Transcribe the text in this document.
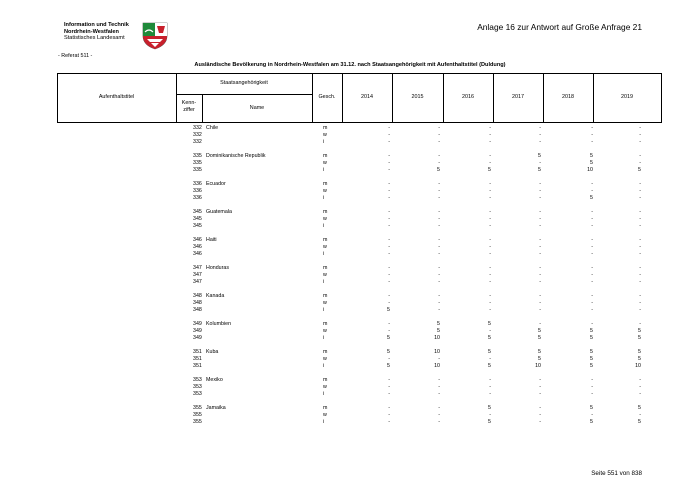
Information und Technik
Nordrhein-Westfalen
Statistisches Landesamt
Anlage 16 zur Antwort auf Große Anfrage 21
- Referat 511 -
Ausländische Bevölkerung in Nordrhein-Westfalen am 31.12. nach Staatsangehörigkeit mit Aufenthaltstitel (Duldung)
Aufenthaltstitel
Staatsangehörigkeit
Kenn-
ziffer	Name
Gesch.	2014	2015	2016	2017	2018	2019
332 Chile	m	-	-	-	-	-	-
332	w	-	-	-	-	-	-
332	i	-	-	-	-	-	-
335 Dominikanische Republik	m	-	-	-	5	5	-
335	w	-	-	-	-	5	-
335	i	-	5	5	5	10	5
336 Ecuador	m	-	-	-	-	-	-
336	w	-	-	-	-	-	-
336	i	-	-	-	-	5	-
345 Guatemala	m	-	-	-	-	-	-
345	w	-	-	-	-	-	-
345	i	-	-	-	-	-	-
346 Haiti	m	-	-	-	-	-	-
346	w	-	-	-	-	-	-
346	i	-	-	-	-	-	-
347 Honduras	m	-	-	-	-	-	-
347	w	-	-	-	-	-	-
347	i	-	-	-	-	-	-
348 Kanada	m	-	-	-	-	-	-
348	w	-	-	-	-	-	-
348	i	5	-	-	-	-	-
349 Kolumbien	m	-	5	5	-	-	-
349	w	-	5	-	5	5	5
349	i	5	10	5	5	5	5
351 Kuba	m	5	10	5	5	5	5
351	w	-	-	-	5	5	5
351	i	5	10	5	10	5	10
353 Mexiko	m	-	-	-	-	-	-
353	w	-	-	-	-	-	-
353	i	-	-	-	-	-	-
355 Jamaika	m	-	-	5	-	5	5
355	w	-	-	-	-	-	-
355	i	-	-	5	-	5	5
Seite 551 von 838
